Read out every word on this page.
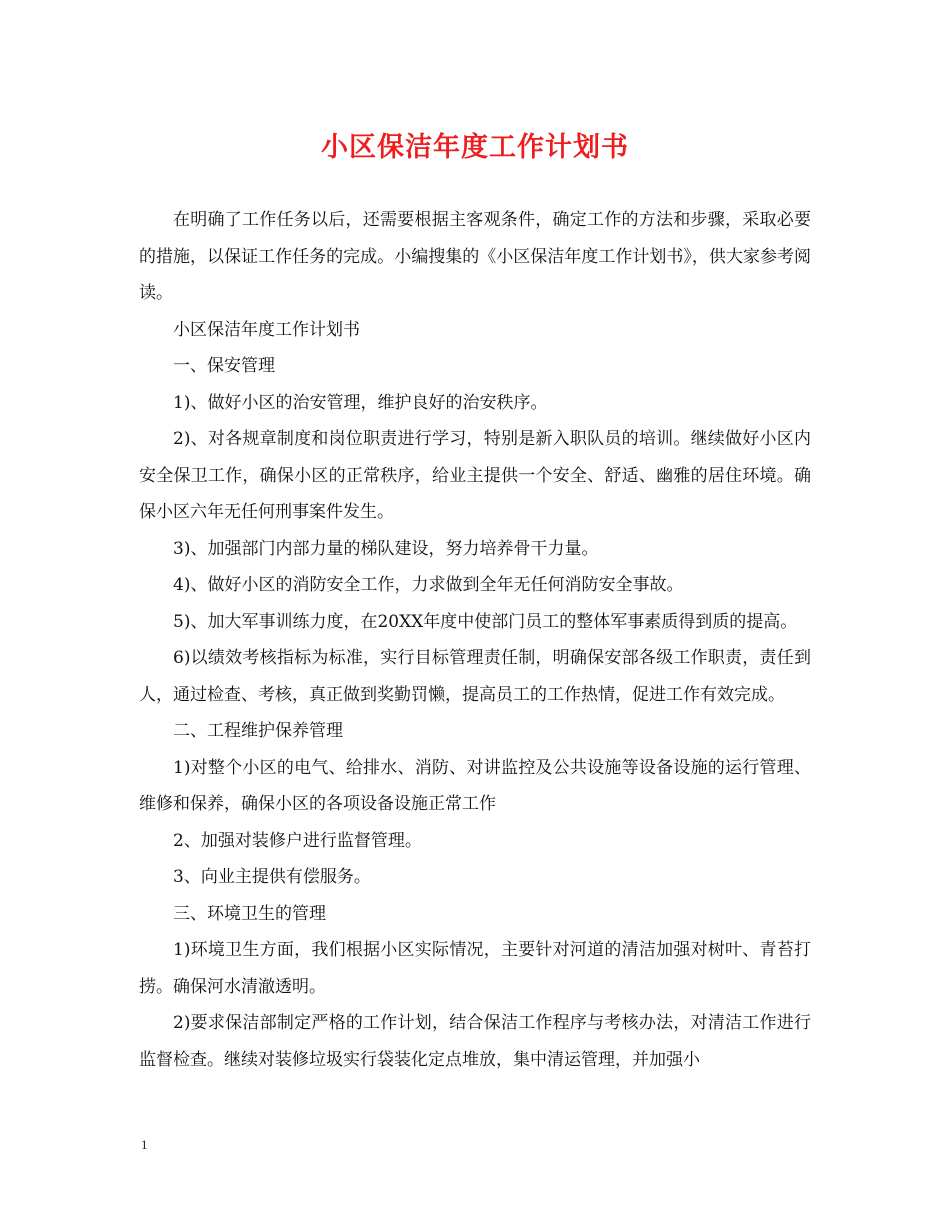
小区保洁年度工作计划书

在明确了工作任务以后，还需要根据主客观条件，确定工作的方法和步骤，采取必要的措施，以保证工作任务的完成。小编搜集的《小区保洁年度工作计划书》，供大家参考阅读。

小区保洁年度工作计划书

一、保安管理

1)、做好小区的治安管理，维护良好的治安秩序。

2)、对各规章制度和岗位职责进行学习，特别是新入职队员的培训。继续做好小区内安全保卫工作，确保小区的正常秩序，给业主提供一个安全、舒适、幽雅的居住环境。确保小区六年无任何刑事案件发生。

3)、加强部门内部力量的梯队建设，努力培养骨干力量。

4)、做好小区的消防安全工作，力求做到全年无任何消防安全事故。

5)、加大军事训练力度，在20XX年度中使部门员工的整体军事素质得到质的提高。

6)以绩效考核指标为标准，实行目标管理责任制，明确保安部各级工作职责，责任到人，通过检查、考核，真正做到奖勤罚懒，提高员工的工作热情，促进工作有效完成。

二、工程维护保养管理

1)对整个小区的电气、给排水、消防、对讲监控及公共设施等设备设施的运行管理、维修和保养，确保小区的各项设备设施正常工作

2、加强对装修户进行监督管理。

3、向业主提供有偿服务。

三、环境卫生的管理

1)环境卫生方面，我们根据小区实际情况，主要针对河道的清洁加强对树叶、青苔打捞。确保河水清澈透明。

2)要求保洁部制定严格的工作计划，结合保洁工作程序与考核办法，对清洁工作进行监督检查。继续对装修垃圾实行袋装化定点堆放，集中清运管理，并加强小

1
